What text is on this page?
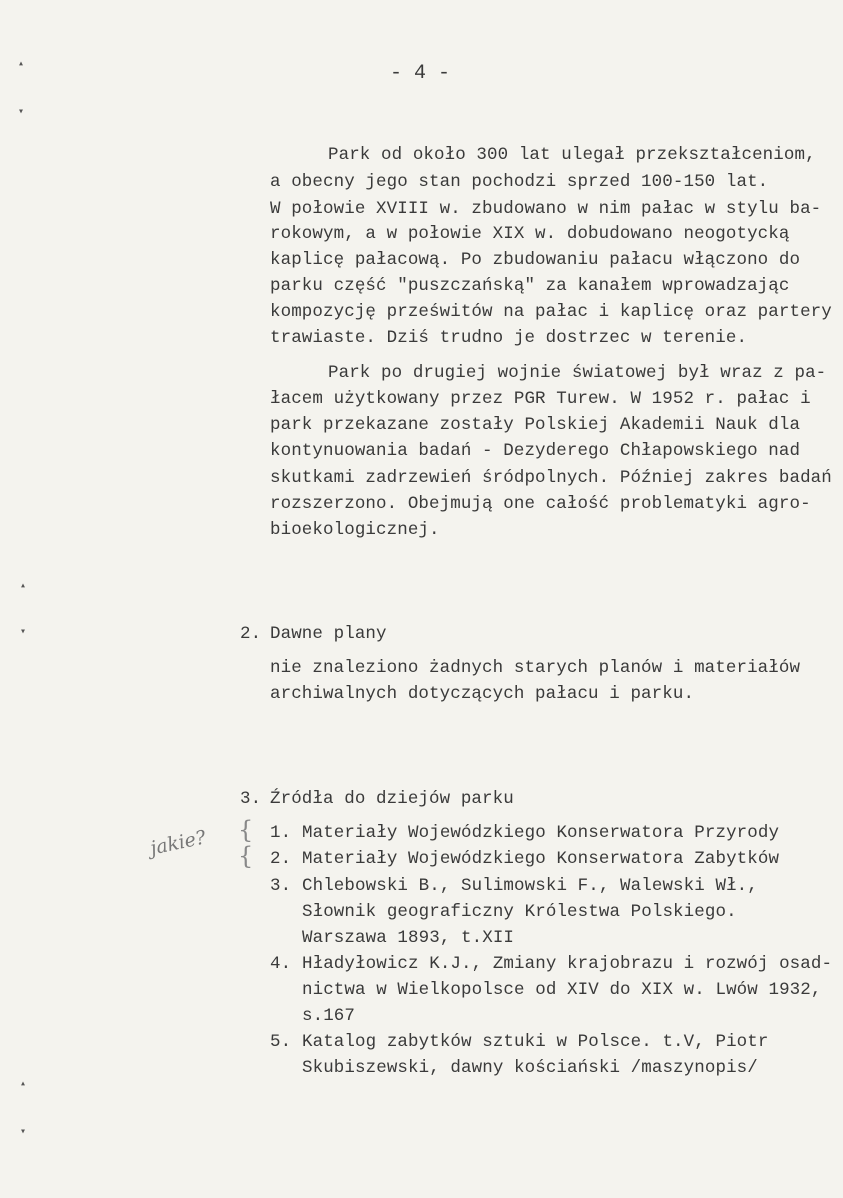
▴
▾
▴
▾
▴
▾
- 4 -
Park od około 300 lat ulegał przekształceniom,
a obecny jego stan pochodzi sprzed 100-150 lat.
W połowie XVIII w. zbudowano w nim pałac w stylu ba-
rokowym, a w połowie XIX w. dobudowano neogotycką
kaplicę pałacową. Po zbudowaniu pałacu włączono do
parku część "puszczańską" za kanałem wprowadzając
kompozycję prześwitów na pałac i kaplicę oraz partery
trawiaste. Dziś trudno je dostrzec w terenie.
Park po drugiej wojnie światowej był wraz z pa-
łacem użytkowany przez PGR Turew. W 1952 r. pałac i
park przekazane zostały Polskiej Akademii Nauk dla
kontynuowania badań - Dezyderego Chłapowskiego nad
skutkami zadrzewień śródpolnych. Później zakres badań
rozszerzono. Obejmują one całość problematyki agro-
bioekologicznej.
2. Dawne plany
nie znaleziono żadnych starych planów i materiałów
archiwalnych dotyczących pałacu i parku.
3. Źródła do dziejów parku
jakie? {
{
1. Materiały Wojewódzkiego Konserwatora Przyrody
2. Materiały Wojewódzkiego Konserwatora Zabytków
3. Chlebowski B., Sulimowski F., Walewski Wł.,
Słownik geograficzny Królestwa Polskiego.
Warszawa 1893, t.XII
4. Hładyłowicz K.J., Zmiany krajobrazu i rozwój osad-
nictwa w Wielkopolsce od XIV do XIX w. Lwów 1932,
s.167
5. Katalog zabytków sztuki w Polsce. t.V, Piotr
Skubiszewski, dawny kościański /maszynopis/
